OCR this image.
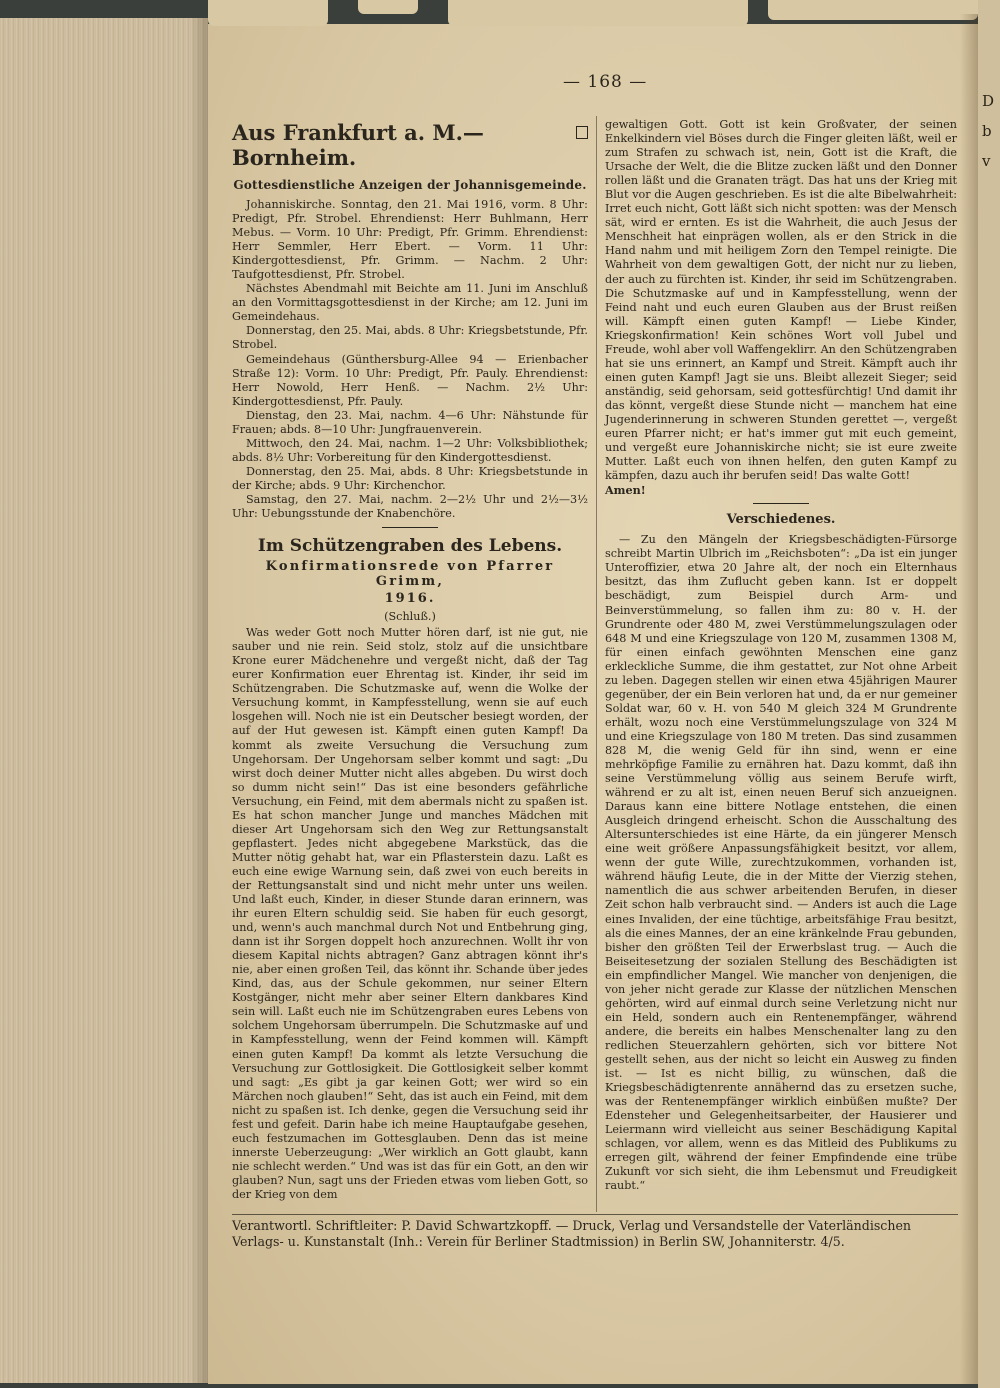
D
b
v
— 168 —
Aus Frankfurt a. M.—Bornheim.

Gottesdienstliche Anzeigen der Johannisgemeinde.

Johanniskirche. Sonntag, den 21. Mai 1916, vorm. 8 Uhr: Predigt, Pfr. Strobel. Ehrendienst: Herr Buhlmann, Herr Mebus. — Vorm. 10 Uhr: Predigt, Pfr. Grimm. Ehrendienst: Herr Semmler, Herr Ebert. — Vorm. 11 Uhr: Kindergottesdienst, Pfr. Grimm. — Nachm. 2 Uhr: Taufgottesdienst, Pfr. Strobel.

Nächstes Abendmahl mit Beichte am 11. Juni im Anschluß an den Vormittagsgottesdienst in der Kirche; am 12. Juni im Gemeindehaus.

Donnerstag, den 25. Mai, abds. 8 Uhr: Kriegsbetstunde, Pfr. Strobel.

Gemeindehaus (Günthersburg-Allee 94 — Erienbacher Straße 12): Vorm. 10 Uhr: Predigt, Pfr. Pauly. Ehrendienst: Herr Nowold, Herr Henß. — Nachm. 2½ Uhr: Kindergottesdienst, Pfr. Pauly.

Dienstag, den 23. Mai, nachm. 4—6 Uhr: Nähstunde für Frauen; abds. 8—10 Uhr: Jungfrauenverein.

Mittwoch, den 24. Mai, nachm. 1—2 Uhr: Volksbibliothek; abds. 8½ Uhr: Vorbereitung für den Kindergottesdienst.

Donnerstag, den 25. Mai, abds. 8 Uhr: Kriegsbetstunde in der Kirche; abds. 9 Uhr: Kirchenchor.

Samstag, den 27. Mai, nachm. 2—2½ Uhr und 2½—3½ Uhr: Uebungsstunde der Knabenchöre.

Im Schützengraben des Lebens.

Konfirmationsrede von Pfarrer Grimm,

1916.

(Schluß.)

Was weder Gott noch Mutter hören darf, ist nie gut, nie sauber und nie rein. Seid stolz, stolz auf die unsichtbare Krone eurer Mädchenehre und vergeßt nicht, daß der Tag eurer Konfirmation euer Ehrentag ist. Kinder, ihr seid im Schützengraben. Die Schutzmaske auf, wenn die Wolke der Versuchung kommt, in Kampfesstellung, wenn sie auf euch losgehen will. Noch nie ist ein Deutscher besiegt worden, der auf der Hut gewesen ist. Kämpft einen guten Kampf! Da kommt als zweite Versuchung die Versuchung zum Ungehorsam. Der Ungehorsam selber kommt und sagt: „Du wirst doch deiner Mutter nicht alles abgeben. Du wirst doch so dumm nicht sein!“ Das ist eine besonders gefährliche Versuchung, ein Feind, mit dem abermals nicht zu spaßen ist. Es hat schon mancher Junge und manches Mädchen mit dieser Art Ungehorsam sich den Weg zur Rettungsanstalt gepflastert. Jedes nicht abgegebene Markstück, das die Mutter nötig gehabt hat, war ein Pflasterstein dazu. Laßt es euch eine ewige Warnung sein, daß zwei von euch bereits in der Rettungsanstalt sind und nicht mehr unter uns weilen. Und laßt euch, Kinder, in dieser Stunde daran erinnern, was ihr euren Eltern schuldig seid. Sie haben für euch gesorgt, und, wenn's auch manchmal durch Not und Entbehrung ging, dann ist ihr Sorgen doppelt hoch anzurechnen. Wollt ihr von diesem Kapital nichts abtragen? Ganz abtragen könnt ihr's nie, aber einen großen Teil, das könnt ihr. Schande über jedes Kind, das, aus der Schule gekommen, nur seiner Eltern Kostgänger, nicht mehr aber seiner Eltern dankbares Kind sein will. Laßt euch nie im Schützengraben eures Lebens von solchem Ungehorsam überrumpeln. Die Schutzmaske auf und in Kampfesstellung, wenn der Feind kommen will. Kämpft einen guten Kampf! Da kommt als letzte Versuchung die Versuchung zur Gottlosigkeit. Die Gottlosigkeit selber kommt und sagt: „Es gibt ja gar keinen Gott; wer wird so ein Märchen noch glauben!“ Seht, das ist auch ein Feind, mit dem nicht zu spaßen ist. Ich denke, gegen die Versuchung seid ihr fest und gefeit. Darin habe ich meine Hauptaufgabe gesehen, euch festzumachen im Gottesglauben. Denn das ist meine innerste Ueberzeugung: „Wer wirklich an Gott glaubt, kann nie schlecht werden.“ Und was ist das für ein Gott, an den wir glauben? Nun, sagt uns der Frieden etwas vom lieben Gott, so der Krieg von dem

gewaltigen Gott. Gott ist kein Großvater, der seinen Enkelkindern viel Böses durch die Finger gleiten läßt, weil er zum Strafen zu schwach ist, nein, Gott ist die Kraft, die Ursache der Welt, die die Blitze zucken läßt und den Donner rollen läßt und die Granaten trägt. Das hat uns der Krieg mit Blut vor die Augen geschrieben. Es ist die alte Bibelwahrheit: Irret euch nicht, Gott läßt sich nicht spotten: was der Mensch sät, wird er ernten. Es ist die Wahrheit, die auch Jesus der Menschheit hat einprägen wollen, als er den Strick in die Hand nahm und mit heiligem Zorn den Tempel reinigte. Die Wahrheit von dem gewaltigen Gott, der nicht nur zu lieben, der auch zu fürchten ist. Kinder, ihr seid im Schützengraben. Die Schutzmaske auf und in Kampfesstellung, wenn der Feind naht und euch euren Glauben aus der Brust reißen will. Kämpft einen guten Kampf! — Liebe Kinder, Kriegskonfirmation! Kein schönes Wort voll Jubel und Freude, wohl aber voll Waffengeklirr. An den Schützengraben hat sie uns erinnert, an Kampf und Streit. Kämpft auch ihr einen guten Kampf! Jagt sie uns. Bleibt allezeit Sieger; seid anständig, seid gehorsam, seid gottesfürchtig! Und damit ihr das könnt, vergeßt diese Stunde nicht — manchem hat eine Jugenderinnerung in schweren Stunden gerettet —, vergeßt euren Pfarrer nicht; er hat's immer gut mit euch gemeint, und vergeßt eure Johanniskirche nicht; sie ist eure zweite Mutter. Laßt euch von ihnen helfen, den guten Kampf zu kämpfen, dazu auch ihr berufen seid! Das walte Gott!

Amen!

Verschiedenes.

— Zu den Mängeln der Kriegsbeschädigten-Fürsorge schreibt Martin Ulbrich im „Reichsboten“: „Da ist ein junger Unteroffizier, etwa 20 Jahre alt, der noch ein Elternhaus besitzt, das ihm Zuflucht geben kann. Ist er doppelt beschädigt, zum Beispiel durch Arm- und Beinverstümmelung, so fallen ihm zu: 80 v. H. der Grundrente oder 480 M, zwei Verstümmelungszulagen oder 648 M und eine Kriegszulage von 120 M, zusammen 1308 M, für einen einfach gewöhnten Menschen eine ganz erkleckliche Summe, die ihm gestattet, zur Not ohne Arbeit zu leben. Dagegen stellen wir einen etwa 45jährigen Maurer gegenüber, der ein Bein verloren hat und, da er nur gemeiner Soldat war, 60 v. H. von 540 M gleich 324 M Grundrente erhält, wozu noch eine Verstümmelungszulage von 324 M und eine Kriegszulage von 180 M treten. Das sind zusammen 828 M, die wenig Geld für ihn sind, wenn er eine mehrköpfige Familie zu ernähren hat. Dazu kommt, daß ihn seine Verstümmelung völlig aus seinem Berufe wirft, während er zu alt ist, einen neuen Beruf sich anzueignen. Daraus kann eine bittere Notlage entstehen, die einen Ausgleich dringend erheischt. Schon die Ausschaltung des Altersunterschiedes ist eine Härte, da ein jüngerer Mensch eine weit größere Anpassungsfähigkeit besitzt, vor allem, wenn der gute Wille, zurechtzukommen, vorhanden ist, während häufig Leute, die in der Mitte der Vierzig stehen, namentlich die aus schwer arbeitenden Berufen, in dieser Zeit schon halb verbraucht sind. — Anders ist auch die Lage eines Invaliden, der eine tüchtige, arbeitsfähige Frau besitzt, als die eines Mannes, der an eine kränkelnde Frau gebunden, bisher den größten Teil der Erwerbslast trug. — Auch die Beiseitesetzung der sozialen Stellung des Beschädigten ist ein empfindlicher Mangel. Wie mancher von denjenigen, die von jeher nicht gerade zur Klasse der nützlichen Menschen gehörten, wird auf einmal durch seine Verletzung nicht nur ein Held, sondern auch ein Rentenempfänger, während andere, die bereits ein halbes Menschenalter lang zu den redlichen Steuerzahlern gehörten, sich vor bittere Not gestellt sehen, aus der nicht so leicht ein Ausweg zu finden ist. — Ist es nicht billig, zu wünschen, daß die Kriegsbeschädigtenrente annähernd das zu ersetzen suche, was der Rentenempfänger wirklich einbüßen mußte? Der Edensteher und Gelegenheitsarbeiter, der Hausierer und Leiermann wird vielleicht aus seiner Beschädigung Kapital schlagen, vor allem, wenn es das Mitleid des Publikums zu erregen gilt, während der feiner Empfindende eine trübe Zukunft vor sich sieht, die ihm Lebensmut und Freudigkeit raubt.“

Verantwortl. Schriftleiter: P. David Schwartzkopff. — Druck, Verlag und Versandstelle der Vaterländischen
Verlags- u. Kunstanstalt (Inh.: Verein für Berliner Stadtmission) in Berlin SW, Johanniterstr. 4/5.
